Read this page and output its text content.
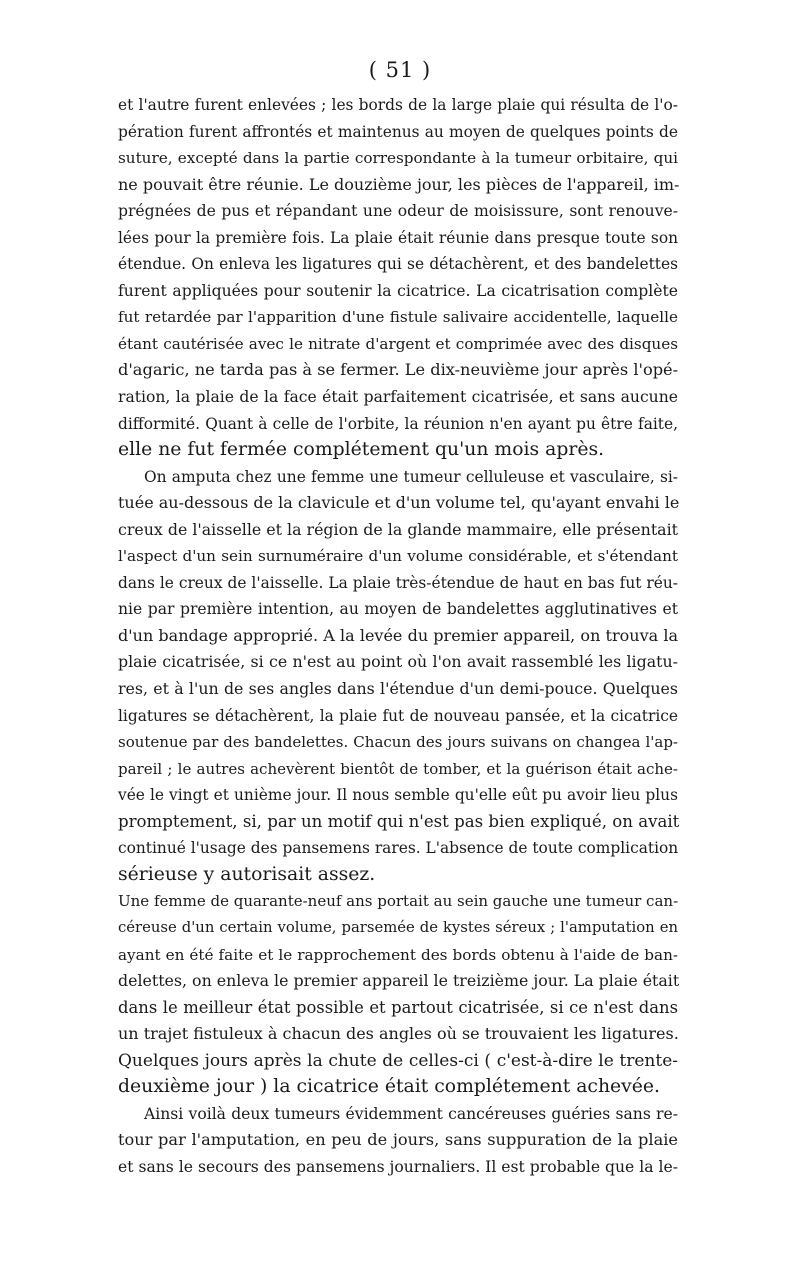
( 51 )
et l'autre furent enlevées ; les bords de la large plaie qui résulta de l'o-
pération furent affrontés et maintenus au moyen de quelques points de
suture, excepté dans la partie correspondante à la tumeur orbitaire, qui
ne pouvait être réunie. Le douzième jour, les pièces de l'appareil, im-
prégnées de pus et répandant une odeur de moisissure, sont renouve-
lées pour la première fois. La plaie était réunie dans presque toute son
étendue. On enleva les ligatures qui se détachèrent, et des bandelettes
furent appliquées pour soutenir la cicatrice. La cicatrisation complète
fut retardée par l'apparition d'une fistule salivaire accidentelle, laquelle
étant cautérisée avec le nitrate d'argent et comprimée avec des disques
d'agaric, ne tarda pas à se fermer. Le dix-neuvième jour après l'opé-
ration, la plaie de la face était parfaitement cicatrisée, et sans aucune
difformité. Quant à celle de l'orbite, la réunion n'en ayant pu être faite,
elle ne fut fermée complétement qu'un mois après.
On amputa chez une femme une tumeur celluleuse et vasculaire, si-
tuée au-dessous de la clavicule et d'un volume tel, qu'ayant envahi le
creux de l'aisselle et la région de la glande mammaire, elle présentait
l'aspect d'un sein surnuméraire d'un volume considérable, et s'étendant
dans le creux de l'aisselle. La plaie très-étendue de haut en bas fut réu-
nie par première intention, au moyen de bandelettes agglutinatives et
d'un bandage approprié. A la levée du premier appareil, on trouva la
plaie cicatrisée, si ce n'est au point où l'on avait rassemblé les ligatu-
res, et à l'un de ses angles dans l'étendue d'un demi-pouce. Quelques
ligatures se détachèrent, la plaie fut de nouveau pansée, et la cicatrice
soutenue par des bandelettes. Chacun des jours suivans on changea l'ap-
pareil ; le autres achevèrent bientôt de tomber, et la guérison était ache-
vée le vingt et unième jour. Il nous semble qu'elle eût pu avoir lieu plus
promptement, si, par un motif qui n'est pas bien expliqué, on avait
continué l'usage des pansemens rares. L'absence de toute complication
sérieuse y autorisait assez.
Une femme de quarante-neuf ans portait au sein gauche une tumeur can-
céreuse d'un certain volume, parsemée de kystes séreux ; l'amputation en
ayant en été faite et le rapprochement des bords obtenu à l'aide de ban-
delettes, on enleva le premier appareil le treizième jour. La plaie était
dans le meilleur état possible et partout cicatrisée, si ce n'est dans
un trajet fistuleux à chacun des angles où se trouvaient les ligatures.
Quelques jours après la chute de celles-ci ( c'est-à-dire le trente-
deuxième jour ) la cicatrice était complétement achevée.
Ainsi voilà deux tumeurs évidemment cancéreuses guéries sans re-
tour par l'amputation, en peu de jours, sans suppuration de la plaie
et sans le secours des pansemens journaliers. Il est probable que la le-
